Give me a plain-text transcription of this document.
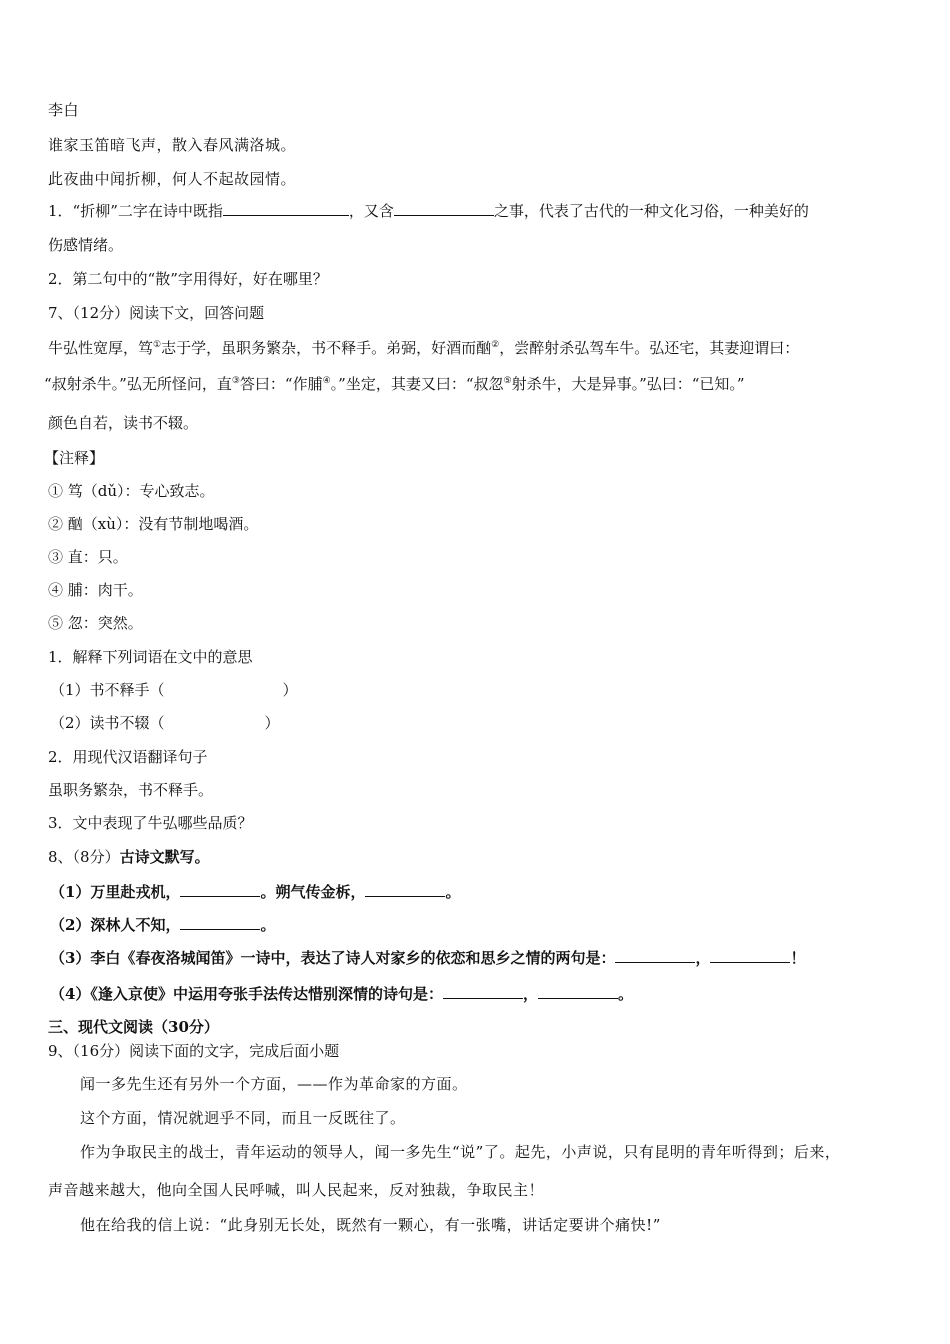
李白
谁家玉笛暗飞声，散入春风满洛城。
此夜曲中闻折柳，何人不起故园情。
1．“折柳”二字在诗中既指	，又含	之事，代表了古代的一种文化习俗，一种美好的
伤感情绪。
2．第二句中的“散”字用得好，好在哪里？
7、（12分）阅读下文，回答问题
牛弘性宽厚，笃①志于学，虽职务繁杂，书不释手。弟弼，好酒而酗②，尝醉射杀弘驾车牛。弘还宅，其妻迎谓曰：
“叔射杀牛。”弘无所怪问，直③答曰：“作脯④。”坐定，其妻又曰：“叔忽⑤射杀牛，大是异事。”弘曰：“已知。”
颜色自若，读书不辍。
【注释】
① 笃（dǔ）：专心致志。
② 酗（xù）：没有节制地喝酒。
③ 直：只。
④ 脯：肉干。
⑤ 忽：突然。
1．解释下列词语在文中的意思
（1）书不释手（	）
（2）读书不辍（	）
2．用现代汉语翻译句子
虽职务繁杂，书不释手。
3．文中表现了牛弘哪些品质？
8、（8分）古诗文默写。
（1）万里赴戎机，	。朔气传金柝，	。
（2）深林人不知，	。
（3）李白《春夜洛城闻笛》一诗中，表达了诗人对家乡的依恋和思乡之情的两句是：	，	！
（4）《逢入京使》中运用夸张手法传达惜别深情的诗句是：	，	。
三、现代文阅读（30分）
9、（16分）阅读下面的文字，完成后面小题
闻一多先生还有另外一个方面，——作为革命家的方面。
这个方面，情况就迥乎不同，而且一反既往了。
作为争取民主的战士，青年运动的领导人，闻一多先生“说”了。起先，小声说，只有昆明的青年听得到；后来，
声音越来越大，他向全国人民呼喊，叫人民起来，反对独裁，争取民主！
他在给我的信上说：“此身别无长处，既然有一颗心，有一张嘴，讲话定要讲个痛快!”
